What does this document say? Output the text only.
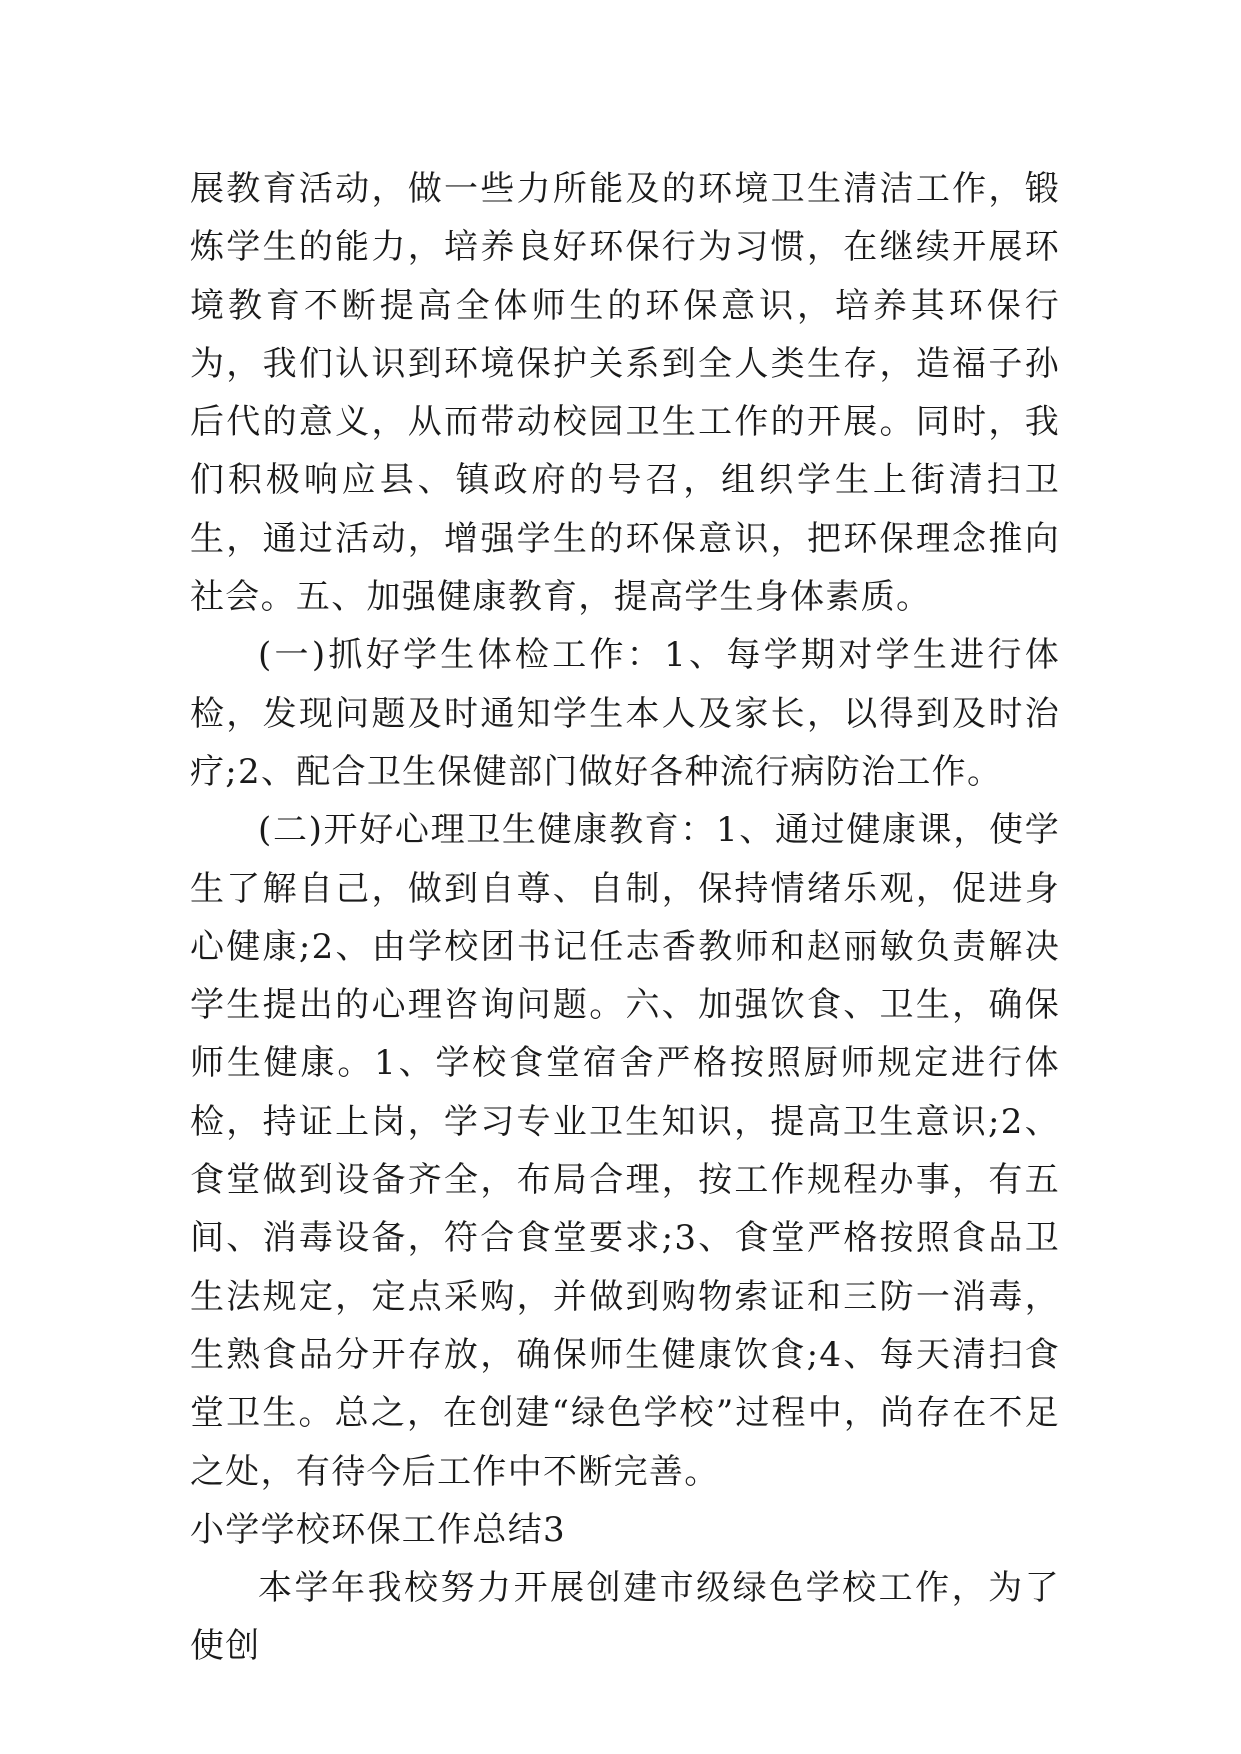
展教育活动，做一些力所能及的环境卫生清洁工作，锻炼学生的能力，培养良好环保行为习惯，在继续开展环境教育不断提高全体师生的环保意识，培养其环保行为，我们认识到环境保护关系到全人类生存，造福子孙后代的意义，从而带动校园卫生工作的开展。同时，我们积极响应县、镇政府的号召，组织学生上街清扫卫生，通过活动，增强学生的环保意识，把环保理念推向社会。五、加强健康教育，提高学生身体素质。

(一)抓好学生体检工作：1、每学期对学生进行体检，发现问题及时通知学生本人及家长，以得到及时治疗;2、配合卫生保健部门做好各种流行病防治工作。

(二)开好心理卫生健康教育：1、通过健康课，使学生了解自己，做到自尊、自制，保持情绪乐观，促进身心健康;2、由学校团书记任志香教师和赵丽敏负责解决学生提出的心理咨询问题。六、加强饮食、卫生，确保师生健康。1、学校食堂宿舍严格按照厨师规定进行体检，持证上岗，学习专业卫生知识，提高卫生意识;2、食堂做到设备齐全，布局合理，按工作规程办事，有五间、消毒设备，符合食堂要求;3、食堂严格按照食品卫生法规定，定点采购，并做到购物索证和三防一消毒，生熟食品分开存放，确保师生健康饮食;4、每天清扫食堂卫生。总之，在创建“绿色学校”过程中，尚存在不足之处，有待今后工作中不断完善。

小学学校环保工作总结3

本学年我校努力开展创建市级绿色学校工作，为了使创
